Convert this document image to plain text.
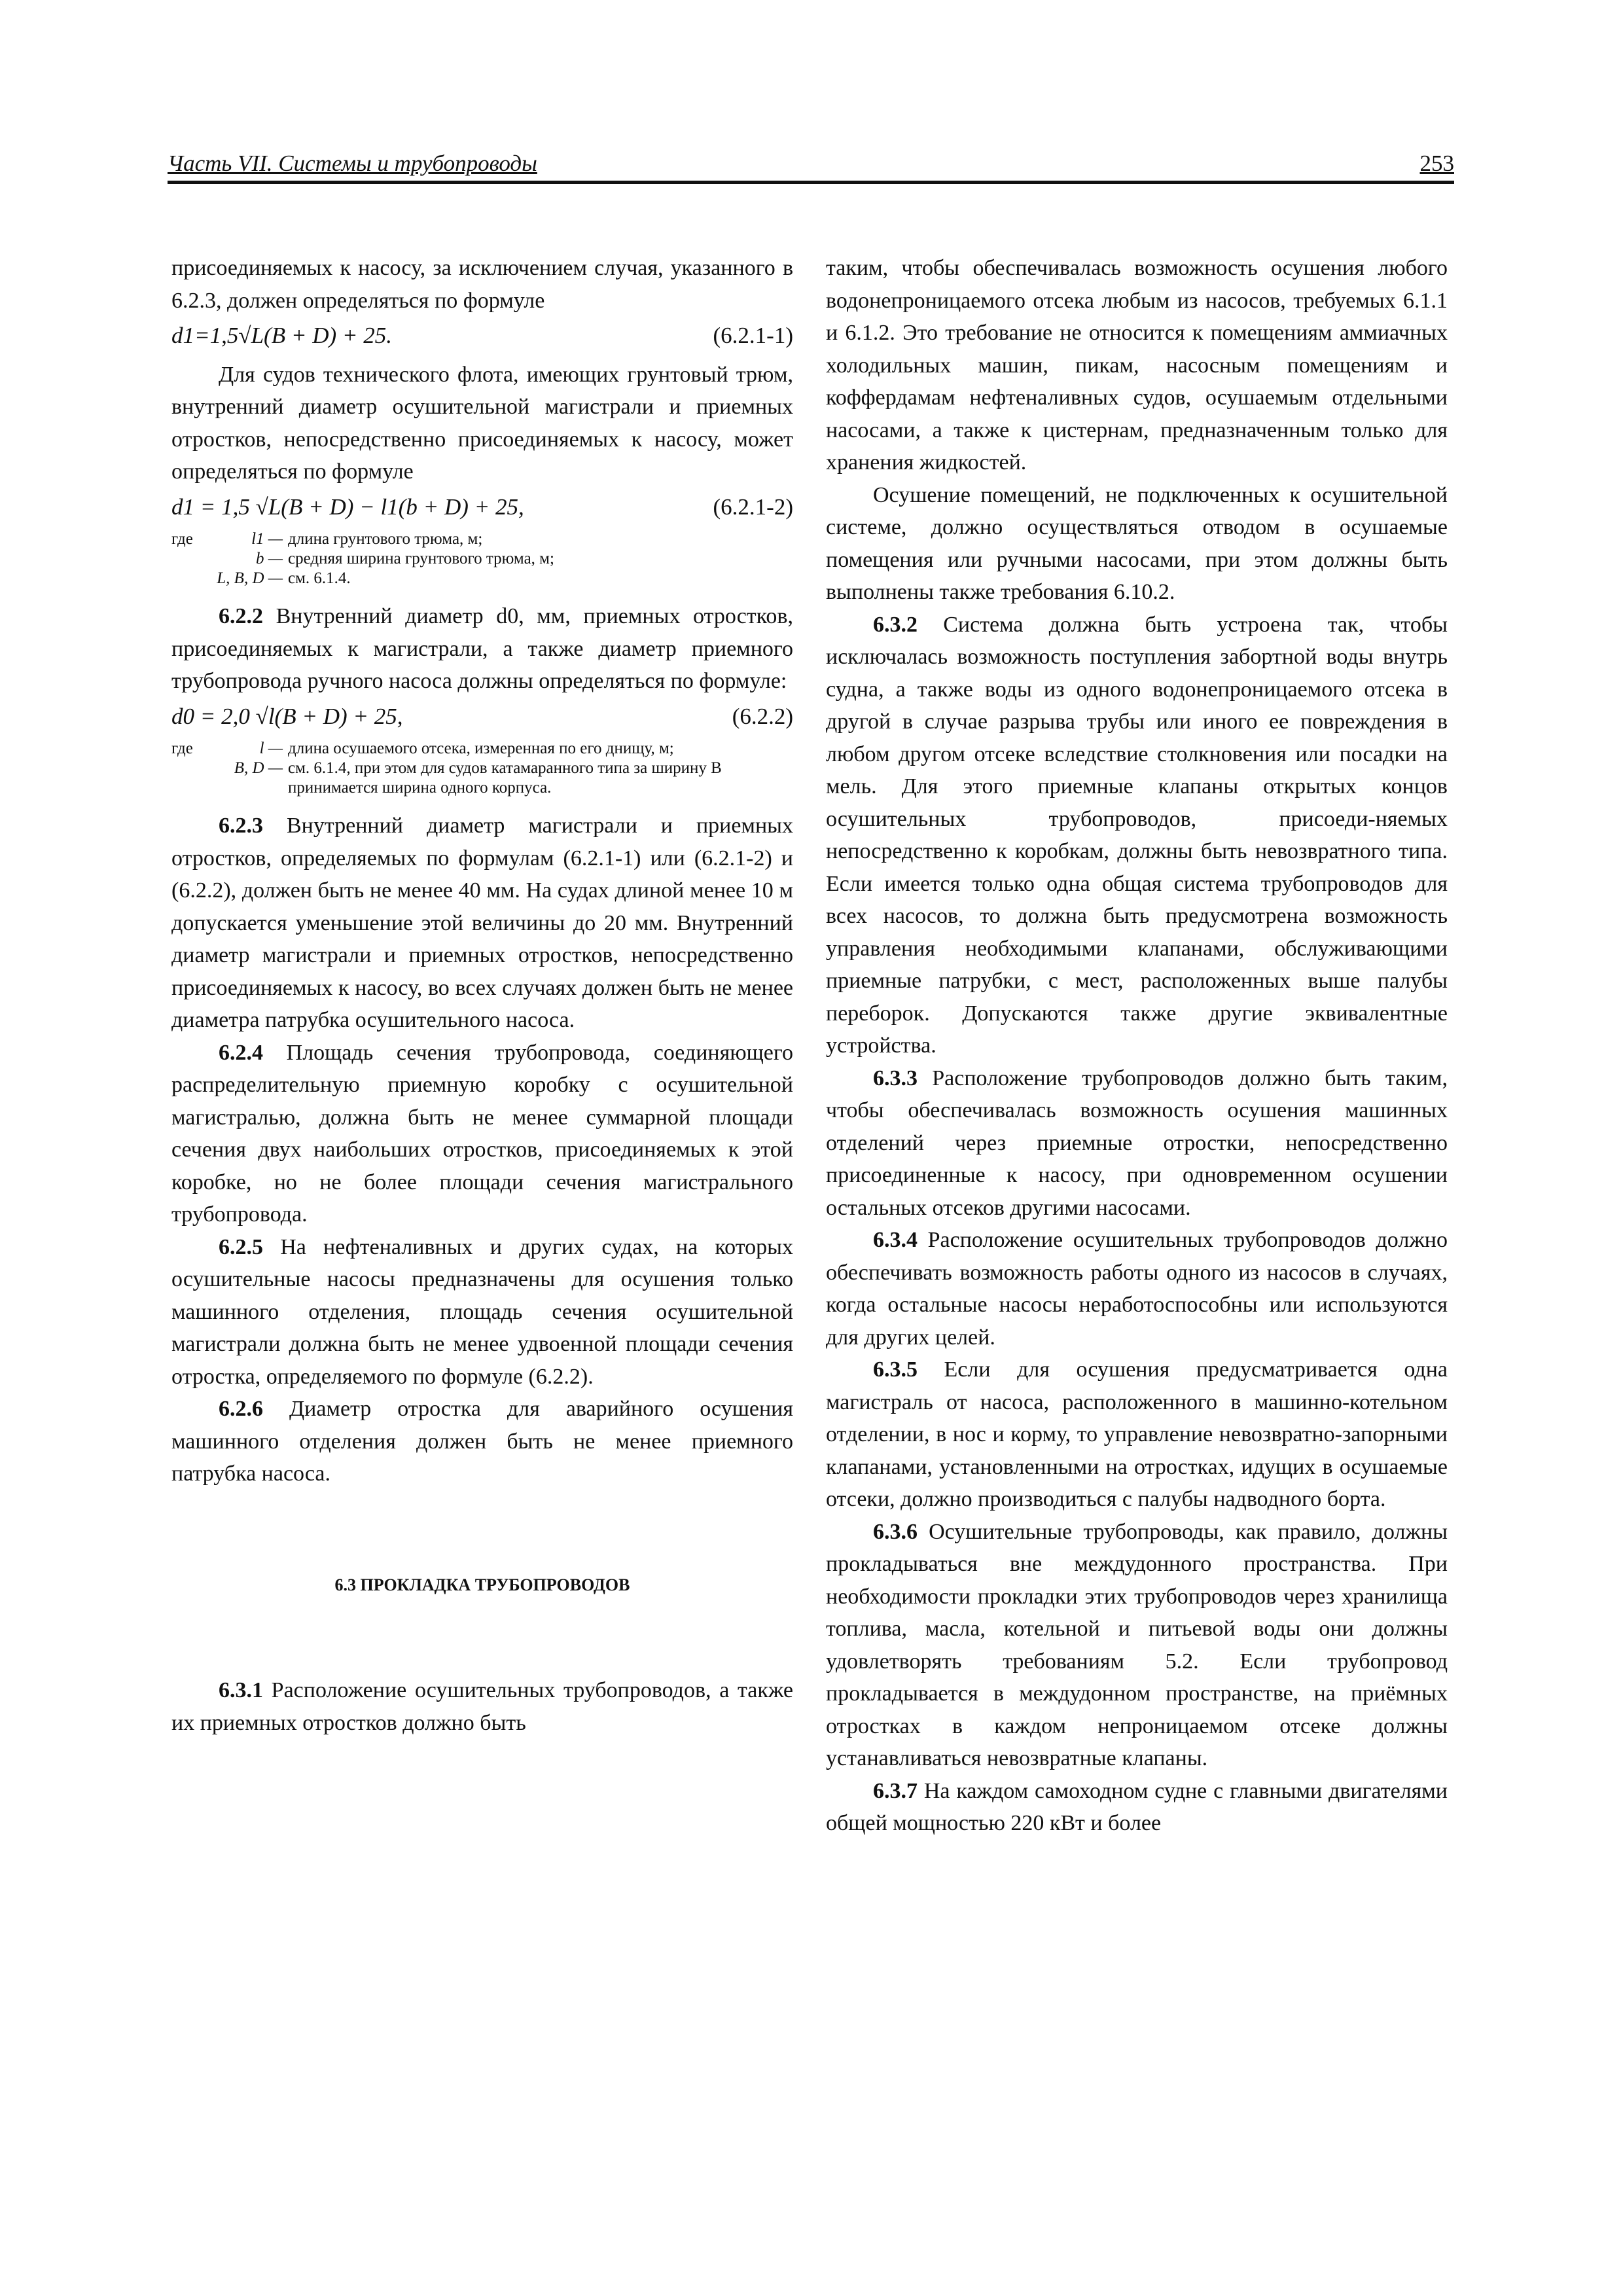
Часть VII. Системы и трубопроводы	253

присоединяемых к насосу, за исключением случая, указанного в 6.2.3, должен определяться по формуле

d1=1,5√L(B + D) + 25.	(6.2.1-1)

Для судов технического флота, имеющих грунтовый трюм, внутренний диаметр осушительной магистрали и приемных отростков, непосредственно присоединяемых к насосу, может определяться по формуле

d1 = 1,5 √L(B + D) − l1(b + D) + 25,	(6.2.1-2)
где	l1 — длина грунтового трюма, м;
b — средняя ширина грунтового трюма, м;
L, B, D — см. 6.1.4.

6.2.2 Внутренний диаметр d0, мм, приемных отростков, присоединяемых к магистрали, а также диаметр приемного трубопровода ручного насоса должны определяться по формуле:

d0 = 2,0 √l(B + D) + 25,	(6.2.2)
где	l — длина осушаемого отсека, измеренная по его днищу, м;
B, D — см. 6.1.4, при этом для судов катамаранного типа за ширину B принимается ширина одного корпуса.

6.2.3 Внутренний диаметр магистрали и приемных отростков, определяемых по формулам (6.2.1-1) или (6.2.1-2) и (6.2.2), должен быть не менее 40 мм. На судах длиной менее 10 м допускается уменьшение этой величины до 20 мм. Внутренний диаметр магистрали и приемных отростков, непосредственно присоединяемых к насосу, во всех случаях должен быть не менее диаметра патрубка осушительного насоса.

6.2.4 Площадь сечения трубопровода, соединяющего распределительную приемную коробку с осушительной магистралью, должна быть не менее суммарной площади сечения двух наибольших отростков, присоединяемых к этой коробке, но не более площади сечения магистрального трубопровода.

6.2.5 На нефтеналивных и других судах, на которых осушительные насосы предназначены для осушения только машинного отделения, площадь сечения осушительной магистрали должна быть не менее удвоенной площади сечения отростка, определяемого по формуле (6.2.2).

6.2.6 Диаметр отростка для аварийного осушения машинного отделения должен быть не менее приемного патрубка насоса.

6.3 ПРОКЛАДКА ТРУБОПРОВОДОВ

6.3.1 Расположение осушительных трубопроводов, а также их приемных отростков должно быть

таким, чтобы обеспечивалась возможность осушения любого водонепроницаемого отсека любым из насосов, требуемых 6.1.1 и 6.1.2. Это требование не относится к помещениям аммиачных холодильных машин, пикам, насосным помещениям и коффердамам нефтеналивных судов, осушаемым отдельными насосами, а также к цистернам, предназначенным только для хранения жидкостей.

Осушение помещений, не подключенных к осушительной системе, должно осуществляться отводом в осушаемые помещения или ручными насосами, при этом должны быть выполнены также требования 6.10.2.

6.3.2 Система должна быть устроена так, чтобы исключалась возможность поступления забортной воды внутрь судна, а также воды из одного водонепроницаемого отсека в другой в случае разрыва трубы или иного ее повреждения в любом другом отсеке вследствие столкновения или посадки на мель. Для этого приемные клапаны открытых концов осушительных трубопроводов, присоеди-няемых непосредственно к коробкам, должны быть невозвратного типа. Если имеется только одна общая система трубопроводов для всех насосов, то должна быть предусмотрена возможность управления необходимыми клапанами, обслуживающими приемные патрубки, с мест, расположенных выше палубы переборок. Допускаются также другие эквивалентные устройства.

6.3.3 Расположение трубопроводов должно быть таким, чтобы обеспечивалась возможность осушения машинных отделений через приемные отростки, непосредственно присоединенные к насосу, при одновременном осушении остальных отсеков другими насосами.

6.3.4 Расположение осушительных трубопроводов должно обеспечивать возможность работы одного из насосов в случаях, когда остальные насосы неработоспособны или используются для других целей.

6.3.5 Если для осушения предусматривается одна магистраль от насоса, расположенного в машинно-котельном отделении, в нос и корму, то управление невозвратно-запорными клапанами, установленными на отростках, идущих в осушаемые отсеки, должно производиться с палубы надводного борта.

6.3.6 Осушительные трубопроводы, как правило, должны прокладываться вне междудонного пространства. При необходимости прокладки этих трубопроводов через хранилища топлива, масла, котельной и питьевой воды они должны удовлетворять требованиям 5.2. Если трубопровод прокладывается в междудонном пространстве, на приёмных отростках в каждом непроницаемом отсеке должны устанавливаться невозвратные клапаны.

6.3.7 На каждом самоходном судне с главными двигателями общей мощностью 220 кВт и более
